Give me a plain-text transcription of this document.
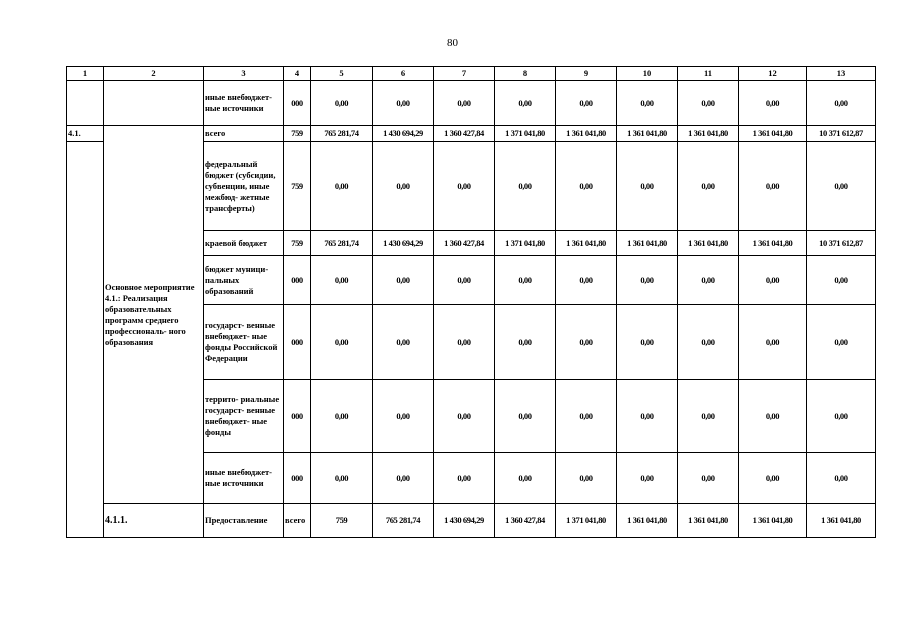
80
1	2	3	4	5	6	7	8	9	10	11	12	13	
		иные внебюджет- ные источники	000	0,00	0,00	0,00	0,00	0,00	0,00	0,00	0,00	0,00	
4.1.	Основное мероприятие 4.1.: Реализация образовательных программ среднего профессиональ- ного образования	всего	759	765 281,74	1 430 694,29	1 360 427,84	1 371 041,80	1 361 041,80	1 361 041,80	1 361 041,80	1 361 041,80	10 371 612,87	
		федеральный бюджет (субсидии, субвенции, иные межбюд- жетные трансферты)	759	0,00	0,00	0,00	0,00	0,00	0,00	0,00	0,00	0,00	
		краевой бюджет	759	765 281,74	1 430 694,29	1 360 427,84	1 371 041,80	1 361 041,80	1 361 041,80	1 361 041,80	1 361 041,80	10 371 612,87	
		бюджет муници- пальных образований	000	0,00	0,00	0,00	0,00	0,00	0,00	0,00	0,00	0,00	
		государст- венные внебюджет- ные фонды Российской Федерации	000	0,00	0,00	0,00	0,00	0,00	0,00	0,00	0,00	0,00	
		террито- риальные государст- венные внебюджет- ные фонды	000	0,00	0,00	0,00	0,00	0,00	0,00	0,00	0,00	0,00	
		иные внебюджет- ные источники	000	0,00	0,00	0,00	0,00	0,00	0,00	0,00	0,00	0,00	
	4.1.1.	Предоставление	всего	759	765 281,74	1 430 694,29	1 360 427,84	1 371 041,80	1 361 041,80	1 361 041,80	1 361 041,80	1 361 041,80	
